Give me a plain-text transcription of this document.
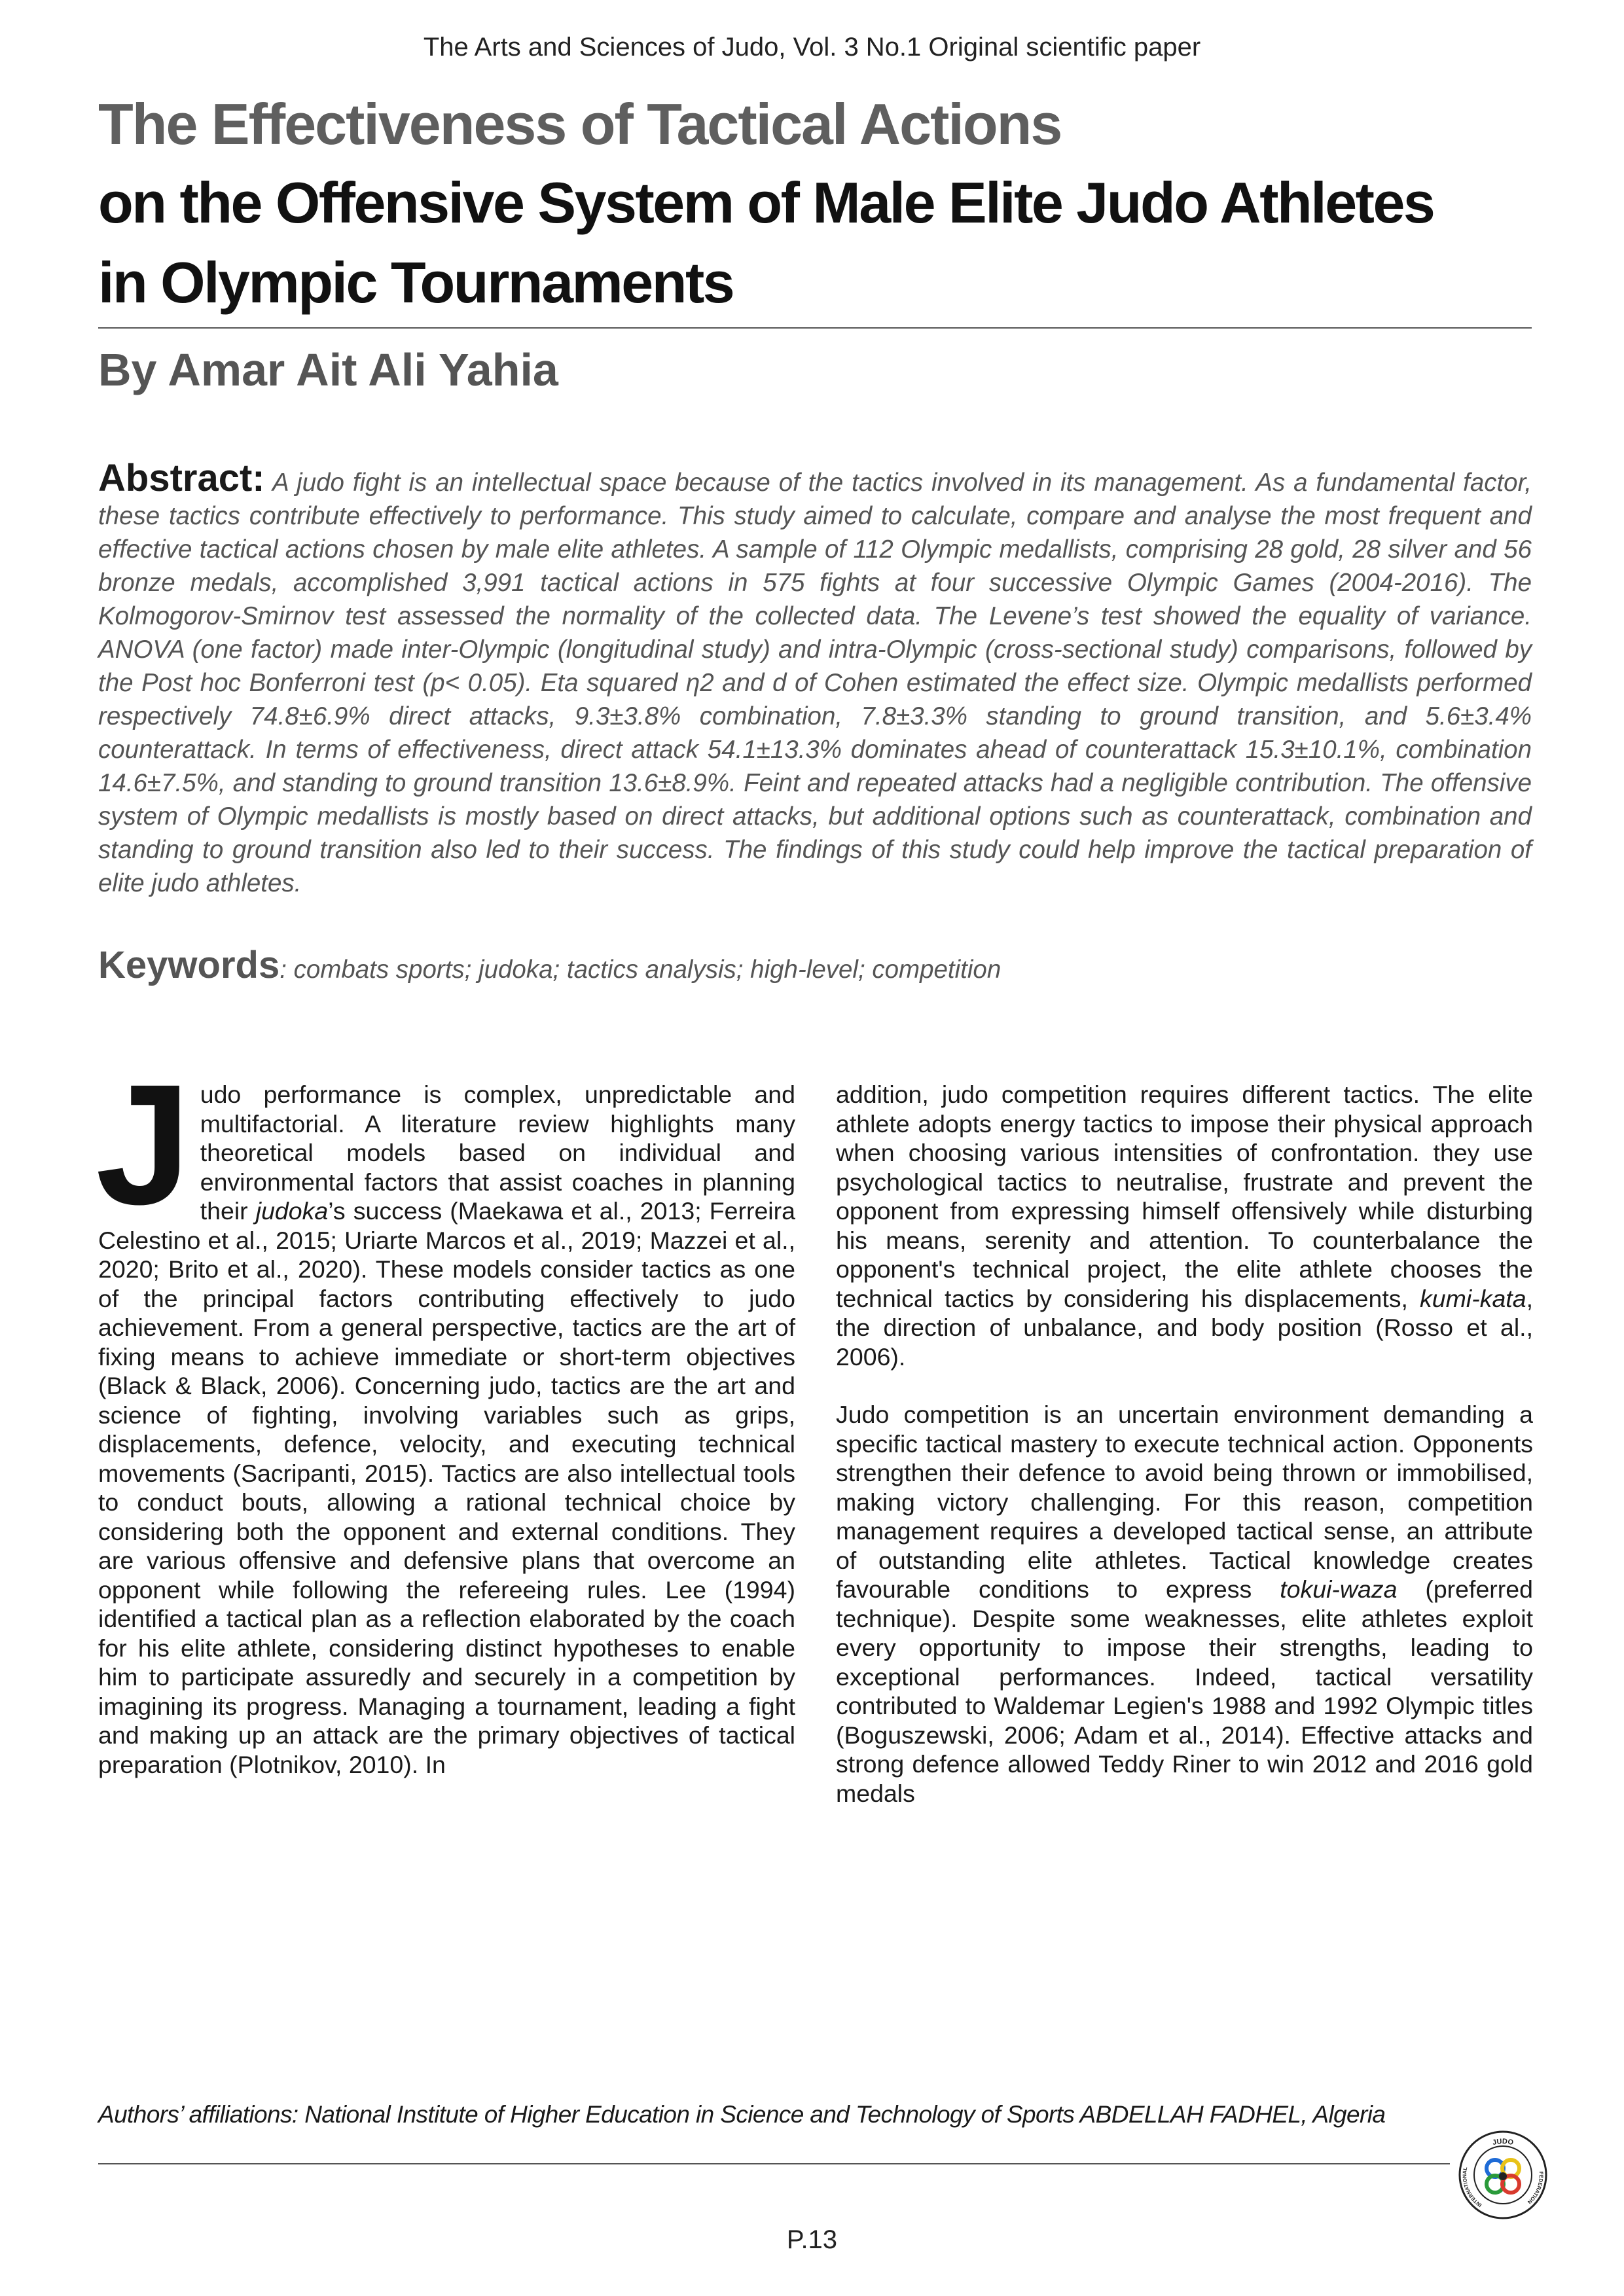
The Arts and Sciences of Judo, Vol. 3 No.1 Original scientific paper
The Effectiveness of Tactical Actions
on the Offensive System of Male Elite Judo Athletes
in Olympic Tournaments
By Amar Ait Ali Yahia
Abstract: A judo fight is an intellectual space because of the tactics involved in its management. As a fundamental factor, these tactics contribute effectively to performance. This study aimed to calculate, compare and analyse the most frequent and effective tactical actions chosen by male elite athletes. A sample of 112 Olympic medallists, comprising 28 gold, 28 silver and 56 bronze medals, accomplished 3,991 tactical actions in 575 fights at four successive Olympic Games (2004-2016). The Kolmogorov-Smirnov test assessed the normality of the collected data. The Levene’s test showed the equality of variance. ANOVA (one factor) made inter-Olympic (longitudinal study) and intra-Olympic (cross-sectional study) comparisons, followed by the Post hoc Bonferroni test (p< 0.05). Eta squared η2 and d of Cohen estimated the effect size. Olympic medallists performed respectively 74.8±6.9% direct attacks, 9.3±3.8% combination, 7.8±3.3% standing to ground transition, and 5.6±3.4% counterattack. In terms of effectiveness, direct attack 54.1±13.3% dominates ahead of counterattack 15.3±10.1%, combination 14.6±7.5%, and standing to ground transition 13.6±8.9%. Feint and repeated attacks had a negligible contribution. The offensive system of Olympic medallists is mostly based on direct attacks, but additional options such as counterattack, combination and standing to ground transition also led to their success. The findings of this study could help improve the tactical preparation of elite judo athletes.
Keywords: combats sports; judoka; tactics analysis; high-level; competition

Judo performance is complex, unpredictable and multifactorial. A literature review highlights many theoretical models based on individual and environmental factors that assist coaches in planning their judoka’s success (Maekawa et al., 2013; Ferreira Celestino et al., 2015; Uriarte Marcos et al., 2019; Mazzei et al., 2020; Brito et al., 2020). These models consider tactics as one of the principal factors contributing effectively to judo achievement. From a general perspective, tactics are the art of fixing means to achieve immediate or short-term objectives (Black & Black, 2006). Concerning judo, tactics are the art and science of fighting, involving variables such as grips, displacements, defence, velocity, and executing technical movements (Sacripanti, 2015). Tactics are also intellectual tools to conduct bouts, allowing a rational technical choice by considering both the opponent and external conditions. They are various offensive and defensive plans that overcome an opponent while following the refereeing rules. Lee (1994) identified a tactical plan as a reflection elaborated by the coach for his elite athlete, considering distinct hypotheses to enable him to participate assuredly and securely in a competition by imagining its progress. Managing a tournament, leading a fight and making up an attack are the primary objectives of tactical preparation (Plotnikov, 2010). In

addition, judo competition requires different tactics. The elite athlete adopts energy tactics to impose their physical approach when choosing various intensities of confrontation. they use psychological tactics to neutralise, frustrate and prevent the opponent from expressing himself offensively while disturbing his means, serenity and attention. To counterbalance the opponent's technical project, the elite athlete chooses the technical tactics by considering his displacements, kumi-kata, the direction of unbalance, and body position (Rosso et al., 2006).

Judo competition is an uncertain environment demanding a specific tactical mastery to execute technical action. Opponents strengthen their defence to avoid being thrown or immobilised, making victory challenging. For this reason, competition management requires a developed tactical sense, an attribute of outstanding elite athletes. Tactical knowledge creates favourable conditions to express tokui-waza (preferred technique). Despite some weaknesses, elite athletes exploit every opportunity to impose their strengths, leading to exceptional performances. Indeed, tactical versatility contributed to Waldemar Legien's 1988 and 1992 Olympic titles (Boguszewski, 2006; Adam et al., 2014). Effective attacks and strong defence allowed Teddy Riner to win 2012 and 2016 gold medals

Authors’ affiliations: National Institute of Higher Education in Science and Technology of Sports ABDELLAH FADHEL, Algeria
JUDO
INTERNATIONAL
FEDERATION
P.13
